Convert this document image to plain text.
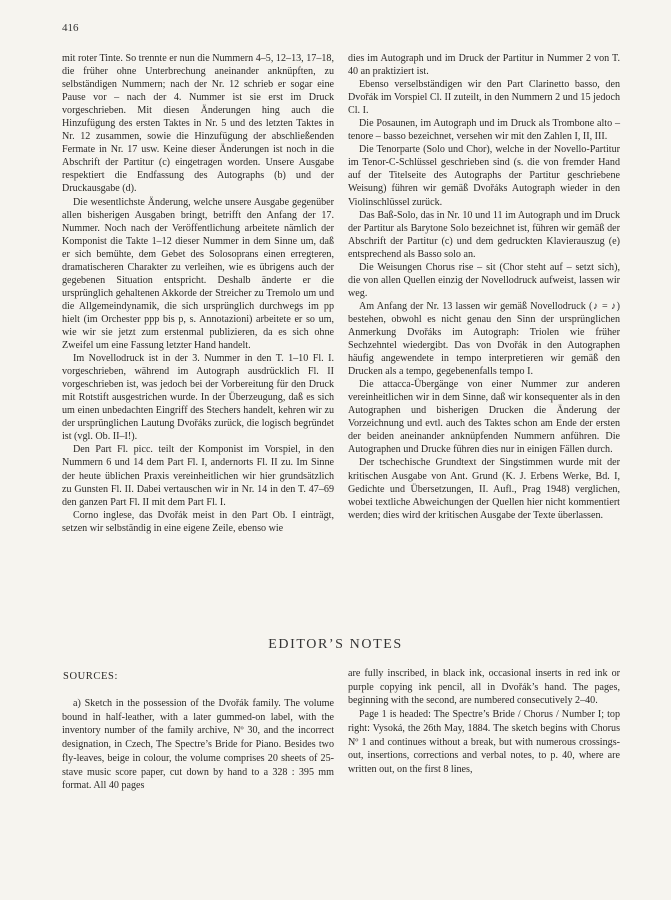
416

mit roter Tinte. So trennte er nun die Nummern 4–5, 12–13, 17–18, die früher ohne Unterbrechung aneinander anknüpften, zu selbständigen Nummern; nach der Nr. 12 schrieb er sogar eine Pause vor – nach der 4. Nummer ist sie erst im Druck vorgeschrieben. Mit diesen Änderungen hing auch die Hinzufügung des ersten Taktes in Nr. 5 und des letzten Taktes in Nr. 12 zusammen, sowie die Hinzufügung der abschließenden Fermate in Nr. 17 usw. Keine dieser Änderungen ist noch in die Abschrift der Partitur (c) eingetragen worden. Unsere Ausgabe respektiert die Endfassung des Autographs (b) und der Druckausgabe (d).

Die wesentlichste Änderung, welche unsere Ausgabe gegenüber allen bisherigen Ausgaben bringt, betrifft den Anfang der 17. Nummer. Noch nach der Veröffentlichung arbeitete nämlich der Komponist die Takte 1–12 dieser Nummer in dem Sinne um, daß er sich bemühte, dem Gebet des Solosoprans einen erregteren, dramatischeren Charakter zu verleihen, wie es übrigens auch der gegebenen Situation entspricht. Deshalb änderte er die ursprünglich gehaltenen Akkorde der Streicher zu Tremolo um und die Allgemeindynamik, die sich ursprünglich durchwegs im pp hielt (im Orchester ppp bis p, s. Annotazioni) arbeitete er so um, wie wir sie jetzt zum erstenmal publizieren, da es sich ohne Zweifel um eine Fassung letzter Hand handelt.

Im Novellodruck ist in der 3. Nummer in den T. 1–10 Fl. I. vorgeschrieben, während im Autograph ausdrücklich Fl. II vorgeschrieben ist, was jedoch bei der Vorbereitung für den Druck mit Rotstift ausgestrichen wurde. In der Überzeugung, daß es sich um einen unbedachten Eingriff des Stechers handelt, kehren wir zu der ursprünglichen Lautung Dvořáks zurück, die logisch begründet ist (vgl. Ob. II–I!).

Den Part Fl. picc. teilt der Komponist im Vorspiel, in den Nummern 6 und 14 dem Part Fl. I, andernorts Fl. II zu. Im Sinne der heute üblichen Praxis vereinheitlichen wir hier grundsätzlich zu Gunsten Fl. II. Dabei vertauschen wir in Nr. 14 in den T. 47–69 den ganzen Part Fl. II mit dem Part Fl. I.

Corno inglese, das Dvořák meist in den Part Ob. I einträgt, setzen wir selbständig in eine eigene Zeile, ebenso wie

dies im Autograph und im Druck der Partitur in Nummer 2 von T. 40 an praktiziert ist.

Ebenso verselbständigen wir den Part Clarinetto basso, den Dvořák im Vorspiel Cl. II zuteilt, in den Nummern 2 und 15 jedoch Cl. I.

Die Posaunen, im Autograph und im Druck als Trombone alto – tenore – basso bezeichnet, versehen wir mit den Zahlen I, II, III.

Die Tenorparte (Solo und Chor), welche in der Novello-Partitur im Tenor-C-Schlüssel geschrieben sind (s. die von fremder Hand auf der Titelseite des Autographs der Partitur geschriebene Weisung) führen wir gemäß Dvořáks Autograph wieder in den Violinschlüssel zurück.

Das Baß-Solo, das in Nr. 10 und 11 im Autograph und im Druck der Partitur als Barytone Solo bezeichnet ist, führen wir gemäß der Abschrift der Partitur (c) und dem gedruckten Klavierauszug (e) entsprechend als Basso solo an.

Die Weisungen Chorus rise – sit (Chor steht auf – setzt sich), die von allen Quellen einzig der Novellodruck aufweist, lassen wir weg.

Am Anfang der Nr. 13 lassen wir gemäß Novellodruck (♪ = ♪) bestehen, obwohl es nicht genau den Sinn der ursprünglichen Anmerkung Dvořáks im Autograph: Triolen wie früher Sechzehntel wiedergibt. Das von Dvořák in den Autographen häufig angewendete in tempo interpretieren wir gemäß den Drucken als a tempo, gegebenenfalls tempo I.

Die attacca-Übergänge von einer Nummer zur anderen vereinheitlichen wir in dem Sinne, daß wir konsequenter als in den Autographen und bisherigen Drucken die Änderung der Vorzeichnung und evtl. auch des Taktes schon am Ende der ersten der beiden aneinander anknüpfenden Nummern anführen. Die Autographen und Drucke führen dies nur in einigen Fällen durch.

Der tschechische Grundtext der Singstimmen wurde mit der kritischen Ausgabe von Ant. Grund (K. J. Erbens Werke, Bd. I, Gedichte und Übersetzungen, II. Aufl., Prag 1948) verglichen, wobei textliche Abweichungen der Quellen hier nicht kommentiert werden; dies wird der kritischen Ausgabe der Texte überlassen.

EDITOR’S NOTES

a) Sketch in the possession of the Dvořák family. The volume bound in half-leather, with a later gummed-on label, with the inventory number of the family archive, Nº 30, and the incorrect designation, in Czech, The Spectre’s Bride for Piano. Besides two fly-leaves, beige in colour, the volume comprises 20 sheets of 25-stave music score paper, cut down by hand to a 328 : 395 mm format. All 40 pages

are fully inscribed, in black ink, occasional inserts in red ink or purple copying ink pencil, all in Dvořák’s hand. The pages, beginning with the second, are numbered consecutively 2–40.

Page 1 is headed: The Spectre’s Bride / Chorus / Number I; top right: Vysoká, the 26th May, 1884. The sketch begins with Chorus Nº 1 and continues without a break, but with numerous crossings-out, insertions, corrections and verbal notes, to p. 40, where are written out, on the first 8 lines,

SOURCES:
